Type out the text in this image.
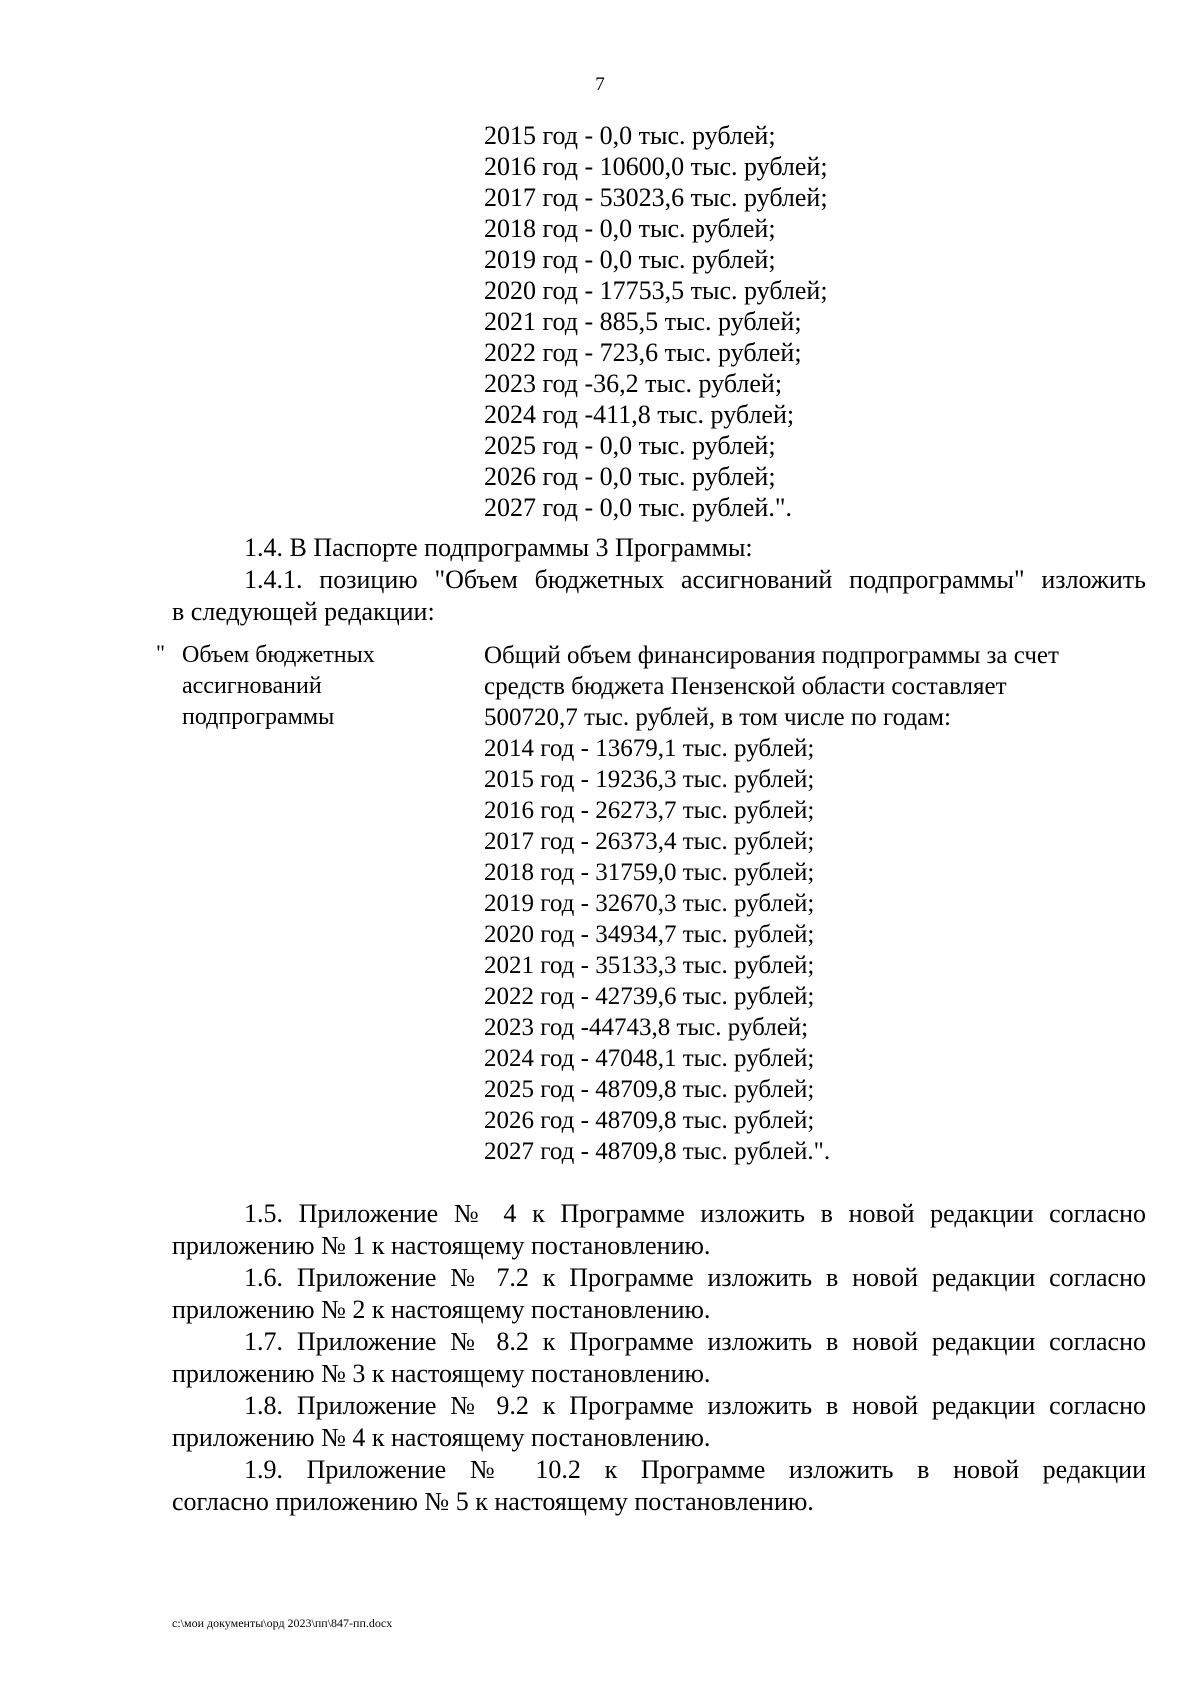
7
2015 год - 0,0 тыс. рублей;
2016 год - 10600,0 тыс. рублей;
2017 год - 53023,6 тыс. рублей;
2018 год - 0,0 тыс. рублей;
2019 год - 0,0 тыс. рублей;
2020 год - 17753,5 тыс. рублей;
2021 год - 885,5 тыс. рублей;
2022 год - 723,6 тыс. рублей;
2023 год -36,2 тыс. рублей;
2024 год -411,8 тыс. рублей;
2025 год - 0,0 тыс. рублей;
2026 год - 0,0 тыс. рублей;
2027 год - 0,0 тыс. рублей.".
1.4. В Паспорте подпрограммы 3 Программы:
1.4.1. позицию "Объем бюджетных ассигнований подпрограммы" изложить
в следующей редакции:
" Объем бюджетных
ассигнований
подпрограммы
Общий объем финансирования подпрограммы за счет
средств бюджета Пензенской области составляет
500720,7 тыс. рублей, в том числе по годам:
2014 год - 13679,1 тыс. рублей;
2015 год - 19236,3 тыс. рублей;
2016 год - 26273,7 тыс. рублей;
2017 год - 26373,4 тыс. рублей;
2018 год - 31759,0 тыс. рублей;
2019 год - 32670,3 тыс. рублей;
2020 год - 34934,7 тыс. рублей;
2021 год - 35133,3 тыс. рублей;
2022 год - 42739,6 тыс. рублей;
2023 год -44743,8 тыс. рублей;
2024 год - 47048,1 тыс. рублей;
2025 год - 48709,8 тыс. рублей;
2026 год - 48709,8 тыс. рублей;
2027 год - 48709,8 тыс. рублей.".
1.5. Приложение № 4 к Программе изложить в новой редакции согласно
приложению № 1 к настоящему постановлению.
1.6. Приложение № 7.2 к Программе изложить в новой редакции согласно
приложению № 2 к настоящему постановлению.
1.7. Приложение № 8.2 к Программе изложить в новой редакции согласно
приложению № 3 к настоящему постановлению.
1.8. Приложение № 9.2 к Программе изложить в новой редакции согласно
приложению № 4 к настоящему постановлению.
1.9. Приложение № 10.2 к Программе изложить в новой редакции
согласно приложению № 5 к настоящему постановлению.
c:\мои документы\орд 2023\пп\847-пп.docx
